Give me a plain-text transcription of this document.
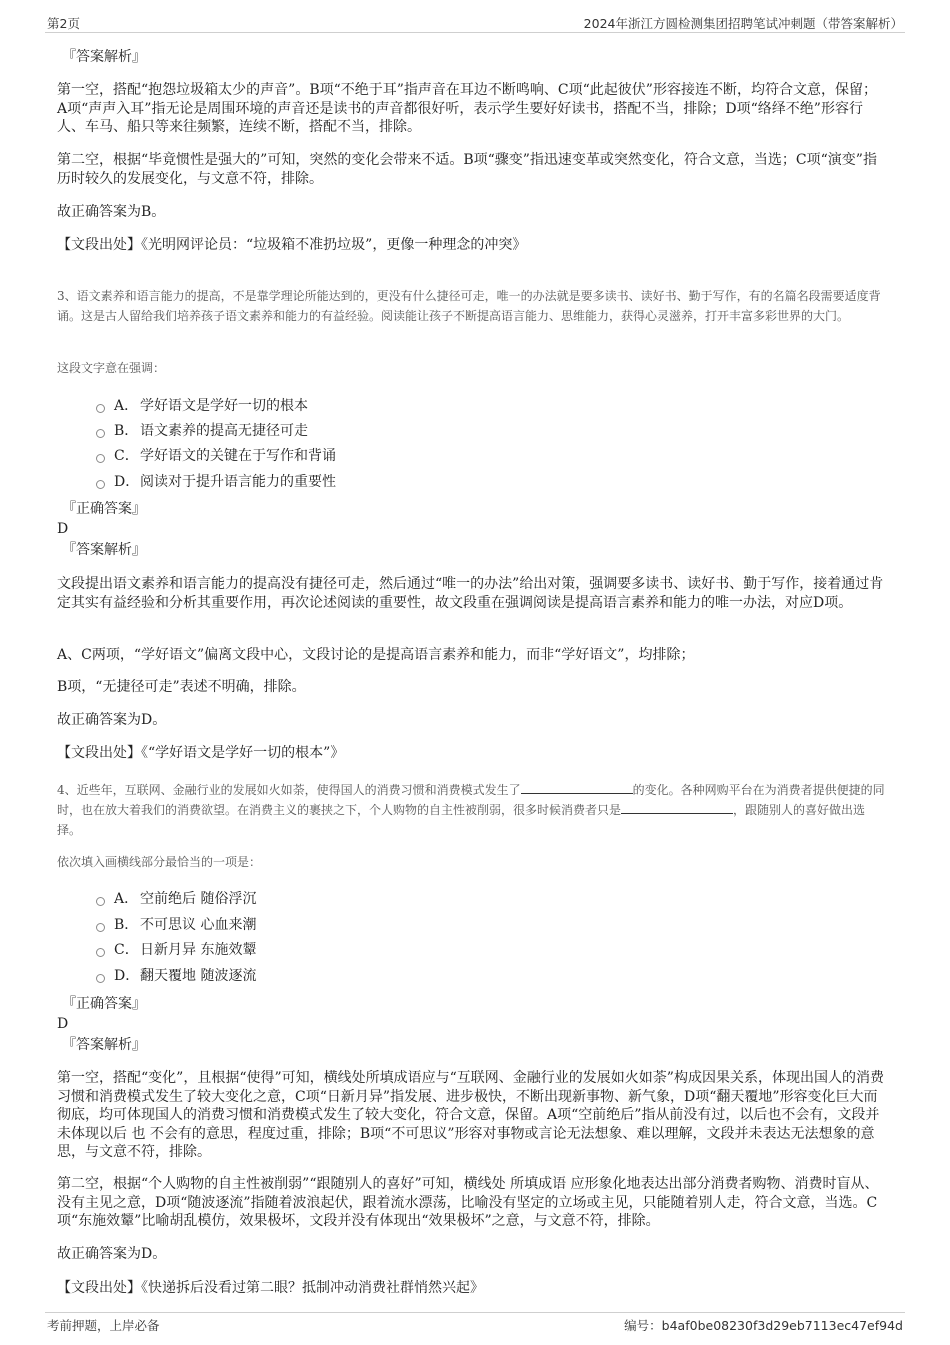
第2页	2024年浙江方圆检测集团招聘笔试冲刺题（带答案解析）

『答案解析』

第一空，搭配“抱怨垃圾箱太少的声音”。B项“不绝于耳”指声音在耳边不断鸣响、C项“此起彼伏”形容接连不断，均符合文意，保留；A项“声声入耳”指无论是周围环境的声音还是读书的声音都很好听，表示学生要好好读书，搭配不当，排除；D项“络绎不绝”形容行人、车马、船只等来往频繁，连续不断，搭配不当，排除。

第二空，根据“毕竟惯性是强大的”可知，突然的变化会带来不适。B项“骤变”指迅速变革或突然变化，符合文意，当选；C项“演变”指历时较久的发展变化，与文意不符，排除。

故正确答案为B。

【文段出处】《光明网评论员：“垃圾箱不准扔垃圾”，更像一种理念的冲突》

3、语文素养和语言能力的提高，不是靠学理论所能达到的，更没有什么捷径可走，唯一的办法就是要多读书、读好书、勤于写作，有的名篇名段需要适度背诵。这是古人留给我们培养孩子语文素养和能力的有益经验。阅读能让孩子不断提高语言能力、思维能力，获得心灵滋养，打开丰富多彩世界的大门。

这段文字意在强调：

A． 学好语文是学好一切的根本
B． 语文素养的提高无捷径可走
C．学好语文的关键在于写作和背诵
D．阅读对于提升语言能力的重要性

『正确答案』

D

『答案解析』

文段提出语文素养和语言能力的提高没有捷径可走，然后通过“唯一的办法”给出对策，强调要多读书、读好书、勤于写作，接着通过肯定其实有益经验和分析其重要作用，再次论述阅读的重要性，故文段重在强调阅读是提高语言素养和能力的唯一办法，对应D项。

A、C两项，“学好语文”偏离文段中心，文段讨论的是提高语言素养和能力，而非“学好语文”，均排除；

B项，“无捷径可走”表述不明确，排除。

故正确答案为D。

【文段出处】《“学好语文是学好一切的根本”》

4、近些年，互联网、金融行业的发展如火如荼，使得国人的消费习惯和消费模式发生了	的变化。各种网购平台在为消费者提供便捷的同时，也在放大着我们的消费欲望。在消费主义的裹挟之下，个人购物的自主性被削弱，很多时候消费者只是	，跟随别人的喜好做出选择。

依次填入画横线部分最恰当的一项是：

A． 空前绝后 随俗浮沉
B． 不可思议 心血来潮
C．日新月异 东施效颦
D．翻天覆地 随波逐流

『正确答案』

D

『答案解析』

第一空，搭配“变化”，且根据“使得”可知，横线处所填成语应与“互联网、金融行业的发展如火如荼”构成因果关系，体现出国人的消费习惯和消费模式发生了较大变化之意，C项“日新月异”指发展、进步极快，不断出现新事物、新气象，D项“翻天覆地”形容变化巨大而彻底，均可体现国人的消费习惯和消费模式发生了较大变化，符合文意，保留。A项“空前绝后”指从前没有过，以后也不会有，文段并未体现以后 也 不会有的意思，程度过重，排除；B项“不可思议”形容对事物或言论无法想象、难以理解，文段并未表达无法想象的意思，与文意不符，排除。

第二空，根据“个人购物的自主性被削弱”“跟随别人的喜好”可知，横线处 所填成语 应形象化地表达出部分消费者购物、消费时盲从、没有主见之意，D项“随波逐流”指随着波浪起伏，跟着流水漂荡，比喻没有坚定的立场或主见，只能随着别人走，符合文意，当选。C项“东施效颦”比喻胡乱模仿，效果极坏，文段并没有体现出“效果极坏”之意，与文意不符，排除。

故正确答案为D。

【文段出处】《快递拆后没看过第二眼？抵制冲动消费社群悄然兴起》

考前押题，上岸必备	编号：b4af0be08230f3d29eb7113ec47ef94d
